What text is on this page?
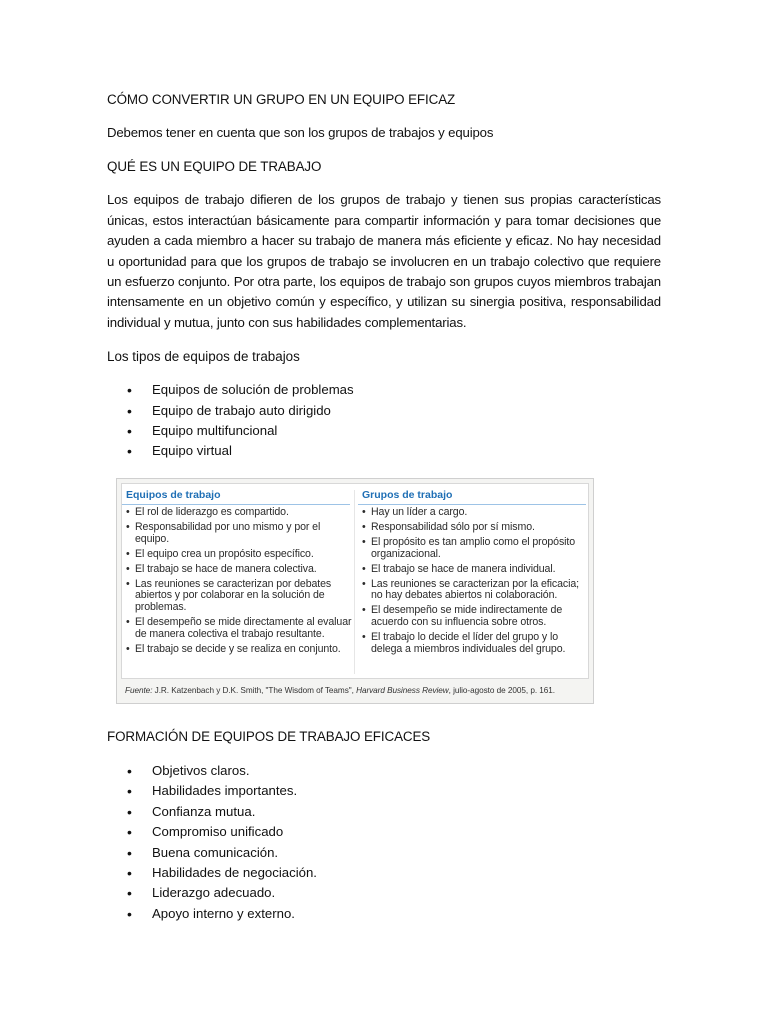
CÓMO CONVERTIR UN GRUPO EN UN EQUIPO EFICAZ
Debemos tener en cuenta que son los grupos de trabajos y equipos
QUÉ ES UN EQUIPO DE TRABAJO
Los equipos de trabajo difieren de los grupos de trabajo y tienen sus propias características únicas, estos interactúan básicamente para compartir información y para tomar decisiones que ayuden a cada miembro a hacer su trabajo de manera más eficiente y eficaz. No hay necesidad u oportunidad para que los grupos de trabajo se involucren en un trabajo colectivo que requiere un esfuerzo conjunto. Por otra parte, los equipos de trabajo son grupos cuyos miembros trabajan intensamente en un objetivo común y específico, y utilizan su sinergia positiva, responsabilidad individual y mutua, junto con sus habilidades complementarias.
Los tipos de equipos de trabajos
• Equipos de solución de problemas
• Equipo de trabajo auto dirigido
• Equipo multifuncional
• Equipo virtual
Equipos de trabajo
• El rol de liderazgo es compartido.
• Responsabilidad por uno mismo y por el equipo.
• El equipo crea un propósito específico.
• El trabajo se hace de manera colectiva.
• Las reuniones se caracterizan por debates abiertos y por colaborar en la solución de problemas.
• El desempeño se mide directamente al evaluar de manera colectiva el trabajo resultante.
• El trabajo se decide y se realiza en conjunto.
Grupos de trabajo
• Hay un líder a cargo.
• Responsabilidad sólo por sí mismo.
• El propósito es tan amplio como el propósito organizacional.
• El trabajo se hace de manera individual.
• Las reuniones se caracterizan por la eficacia; no hay debates abiertos ni colaboración.
• El desempeño se mide indirectamente de acuerdo con su influencia sobre otros.
• El trabajo lo decide el líder del grupo y lo delega a miembros individuales del grupo.
Fuente: J.R. Katzenbach y D.K. Smith, "The Wisdom of Teams", Harvard Business Review, julio-agosto de 2005, p. 161.
FORMACIÓN DE EQUIPOS DE TRABAJO EFICACES
• Objetivos claros.
• Habilidades importantes.
• Confianza mutua.
• Compromiso unificado
• Buena comunicación.
• Habilidades de negociación.
• Liderazgo adecuado.
• Apoyo interno y externo.
